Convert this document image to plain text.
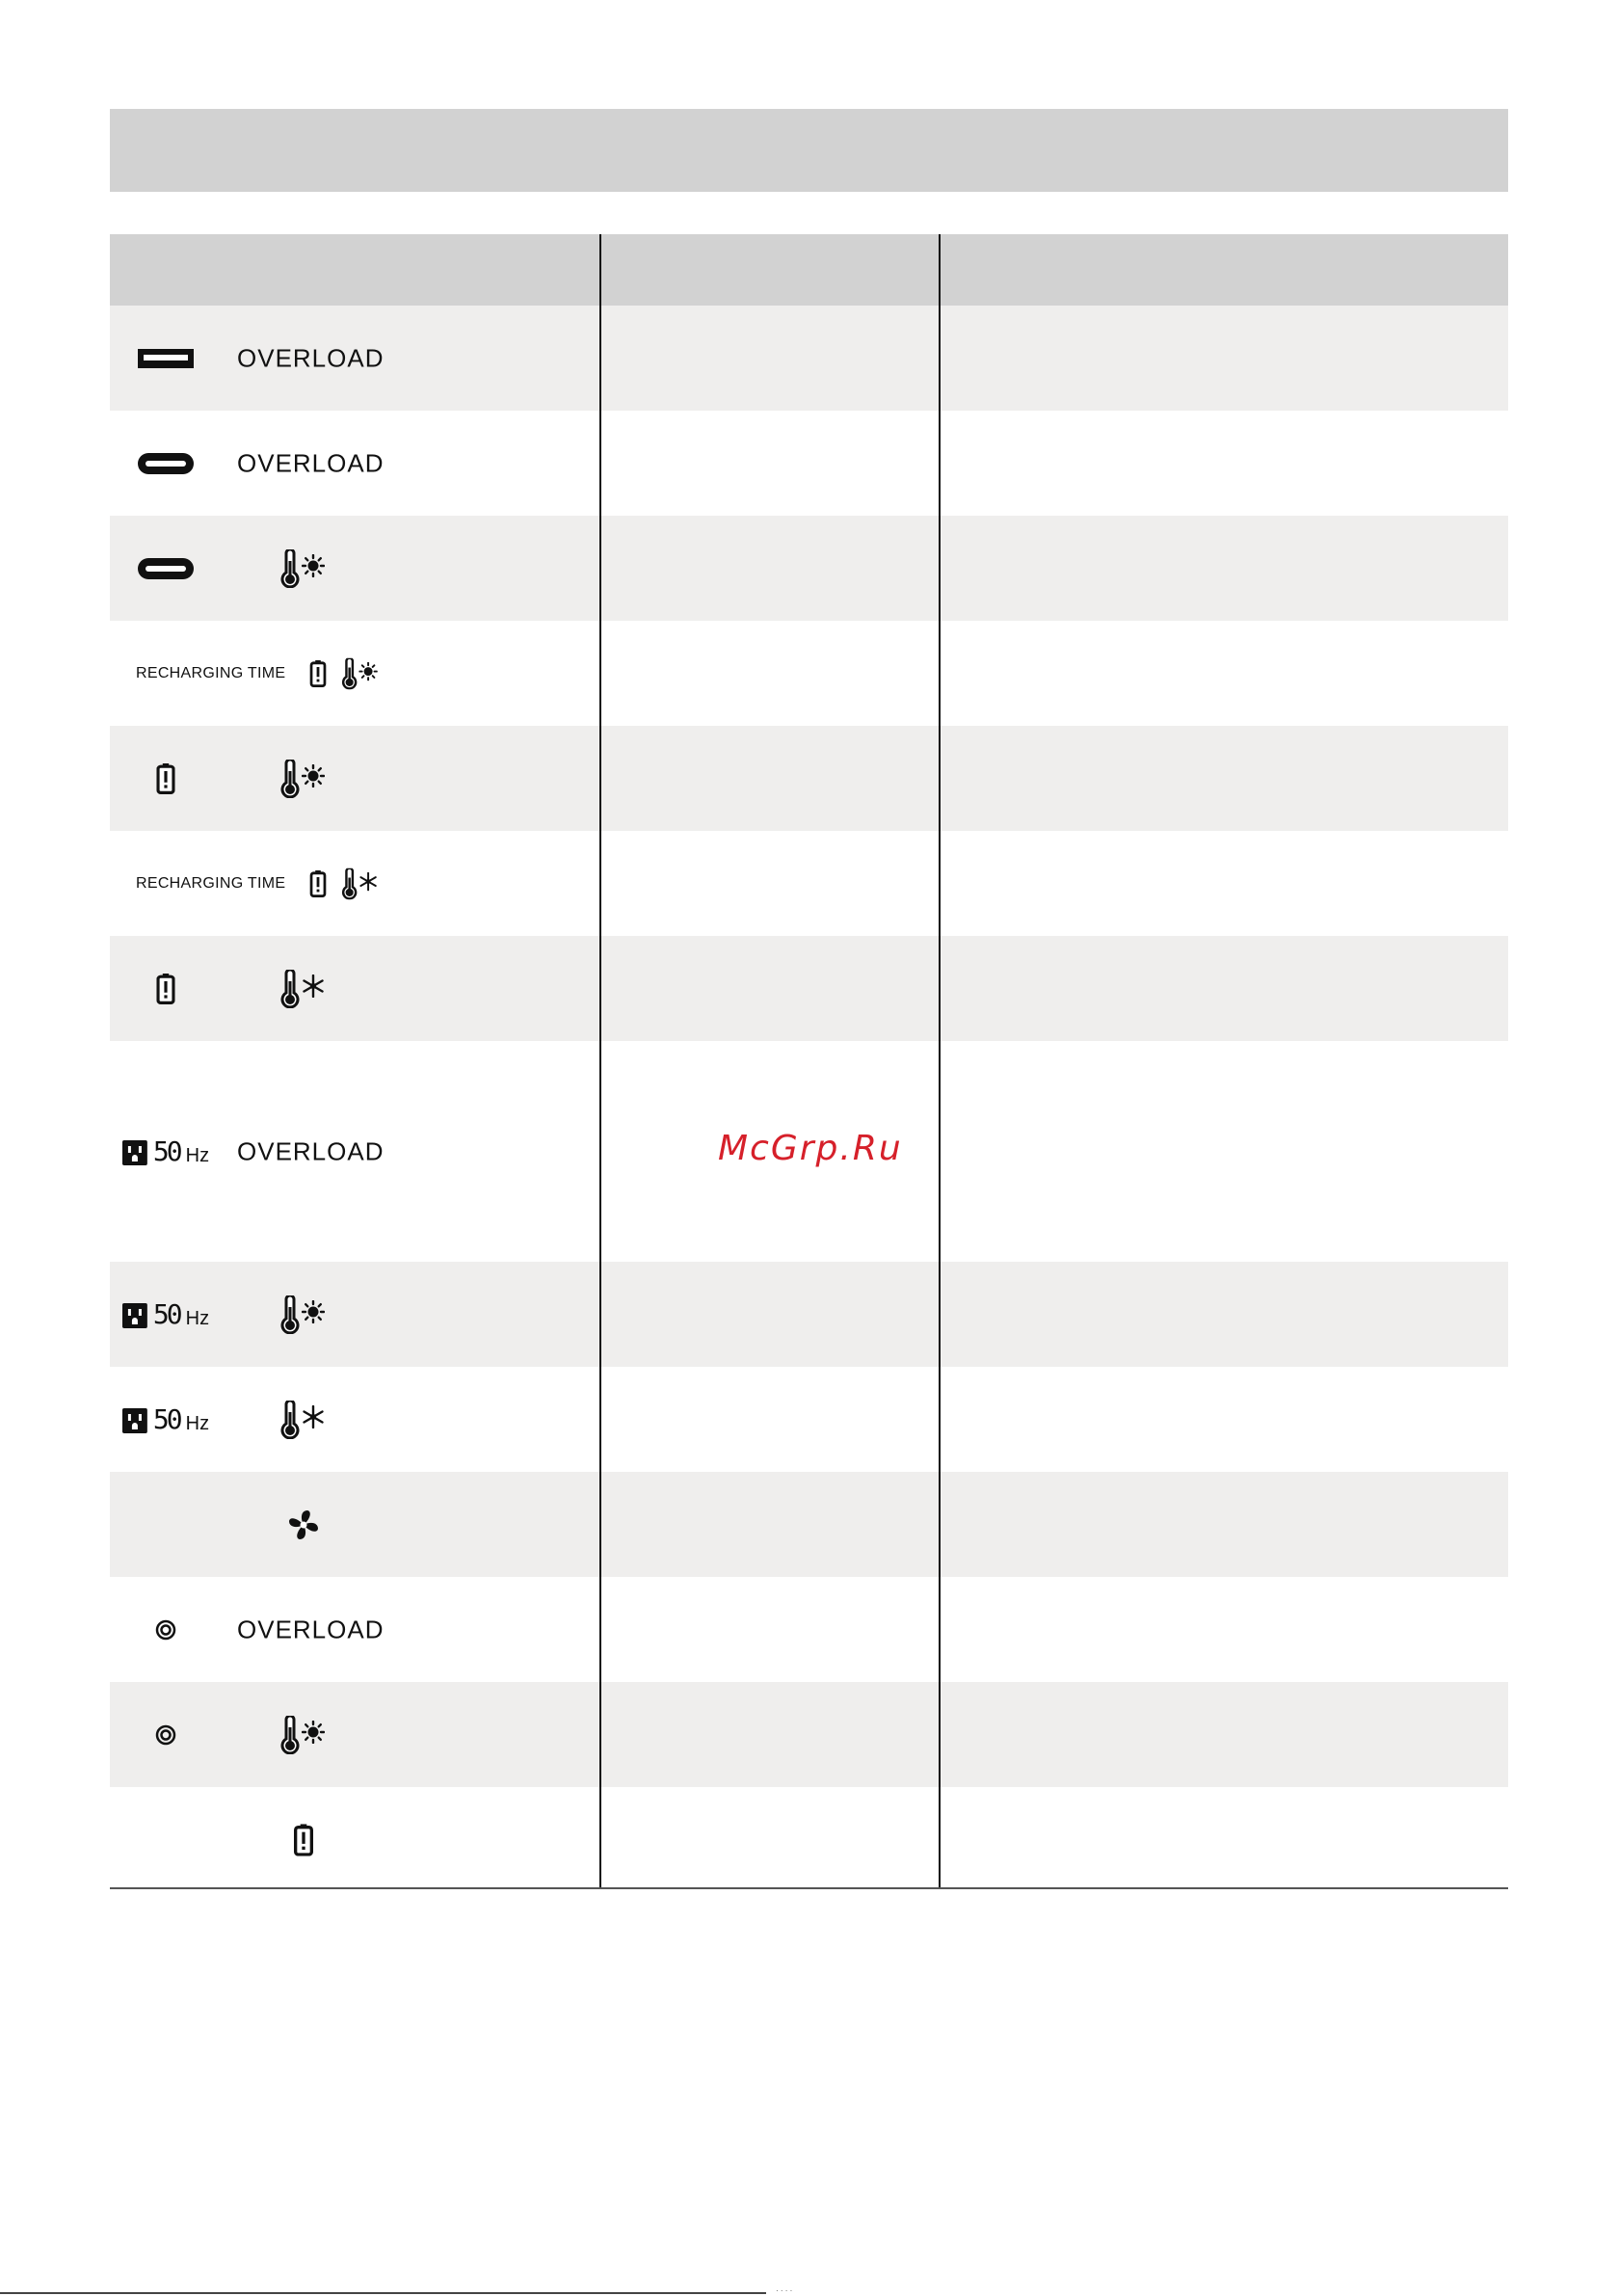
OVERLOAD
OVERLOAD
RECHARGING TIME
RECHARGING TIME
50 Hz OVERLOAD
50 Hz
50 Hz
OVERLOAD
McGrp.Ru
· · · ·
